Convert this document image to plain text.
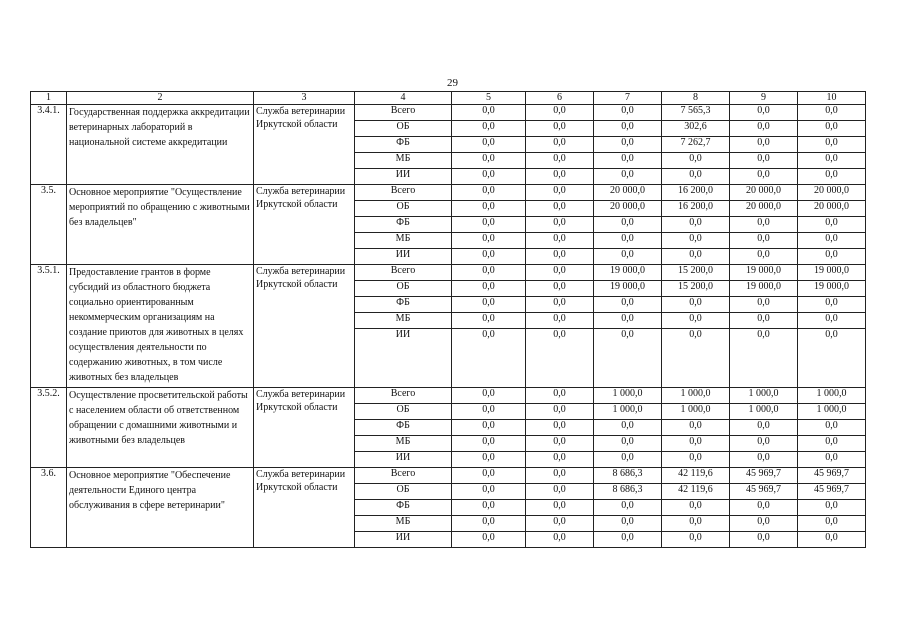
29
1	2	3	4	5	6	7	8	9	10
3.4.1.	Государственная поддержка аккредитации ветеринарных лабораторий в национальной системе аккредитации	Служба ветеринарии Иркутской области	Всего	0,0	0,0	0,0	7 565,3	0,0	0,0
			ОБ	0,0	0,0	0,0	302,6	0,0	0,0
			ФБ	0,0	0,0	0,0	7 262,7	0,0	0,0
			МБ	0,0	0,0	0,0	0,0	0,0	0,0
			ИИ	0,0	0,0	0,0	0,0	0,0	0,0
3.5.	Основное мероприятие "Осуществление мероприятий по обращению с животными без владельцев"	Служба ветеринарии Иркутской области	Всего	0,0	0,0	20 000,0	16 200,0	20 000,0	20 000,0
			ОБ	0,0	0,0	20 000,0	16 200,0	20 000,0	20 000,0
			ФБ	0,0	0,0	0,0	0,0	0,0	0,0
			МБ	0,0	0,0	0,0	0,0	0,0	0,0
			ИИ	0,0	0,0	0,0	0,0	0,0	0,0
3.5.1.	Предоставление грантов в форме субсидий из областного бюджета социально ориентированным некоммерческим организациям на создание приютов для животных в целях осуществления деятельности по содержанию животных, в том числе животных без владельцев	Служба ветеринарии Иркутской области	Всего	0,0	0,0	19 000,0	15 200,0	19 000,0	19 000,0
			ОБ	0,0	0,0	19 000,0	15 200,0	19 000,0	19 000,0
			ФБ	0,0	0,0	0,0	0,0	0,0	0,0
			МБ	0,0	0,0	0,0	0,0	0,0	0,0
			ИИ	0,0	0,0	0,0	0,0	0,0	0,0
3.5.2.	Осуществление просветительской работы с населением области об ответственном обращении с домашними животными и животными без владельцев	Служба ветеринарии Иркутской области	Всего	0,0	0,0	1 000,0	1 000,0	1 000,0	1 000,0
			ОБ	0,0	0,0	1 000,0	1 000,0	1 000,0	1 000,0
			ФБ	0,0	0,0	0,0	0,0	0,0	0,0
			МБ	0,0	0,0	0,0	0,0	0,0	0,0
			ИИ	0,0	0,0	0,0	0,0	0,0	0,0
3.6.	Основное мероприятие "Обеспечение деятельности Единого центра обслуживания в сфере ветеринарии"	Служба ветеринарии Иркутской области	Всего	0,0	0,0	8 686,3	42 119,6	45 969,7	45 969,7
			ОБ	0,0	0,0	8 686,3	42 119,6	45 969,7	45 969,7
			ФБ	0,0	0,0	0,0	0,0	0,0	0,0
			МБ	0,0	0,0	0,0	0,0	0,0	0,0
			ИИ	0,0	0,0	0,0	0,0	0,0	0,0
